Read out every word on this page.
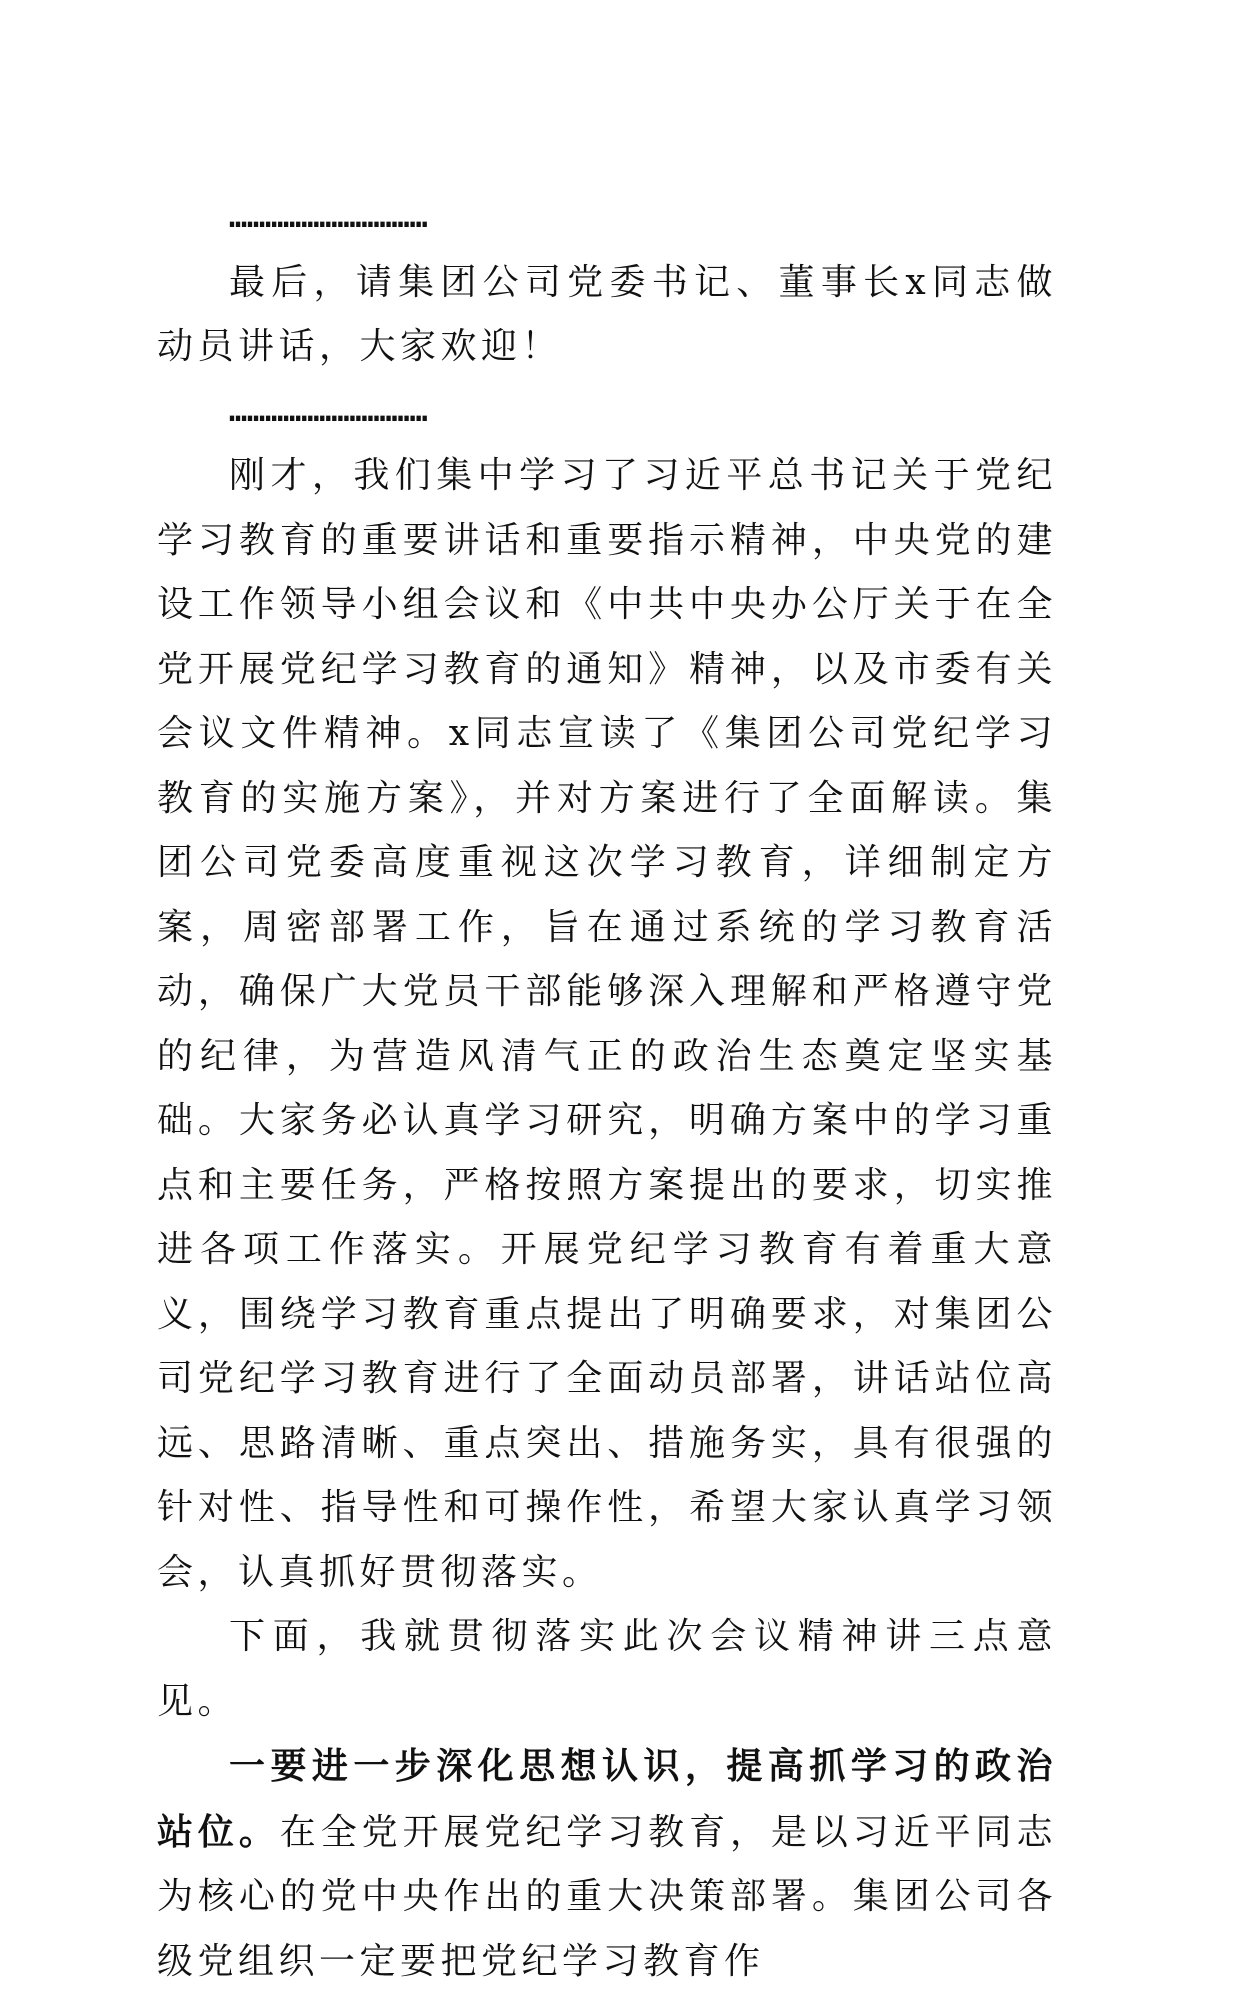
……………………………

最后，请集团公司党委书记、董事长x同志做动员讲话，大家欢迎！

……………………………

刚才，我们集中学习了习近平总书记关于党纪学习教育的重要讲话和重要指示精神，中央党的建设工作领导小组会议和《中共中央办公厅关于在全党开展党纪学习教育的通知》精神，以及市委有关会议文件精神。x同志宣读了《集团公司党纪学习教育的实施方案》，并对方案进行了全面解读。集团公司党委高度重视这次学习教育，详细制定方案，周密部署工作，旨在通过系统的学习教育活动，确保广大党员干部能够深入理解和严格遵守党的纪律，为营造风清气正的政治生态奠定坚实基础。大家务必认真学习研究，明确方案中的学习重点和主要任务，严格按照方案提出的要求，切实推进各项工作落实。开展党纪学习教育有着重大意义，围绕学习教育重点提出了明确要求，对集团公司党纪学习教育进行了全面动员部署，讲话站位高远、思路清晰、重点突出、措施务实，具有很强的针对性、指导性和可操作性，希望大家认真学习领会，认真抓好贯彻落实。

下面，我就贯彻落实此次会议精神讲三点意见。

一要进一步深化思想认识，提高抓学习的政治站位。在全党开展党纪学习教育，是以习近平同志为核心的党中央作出的重大决策部署。集团公司各级党组织一定要把党纪学习教育作
